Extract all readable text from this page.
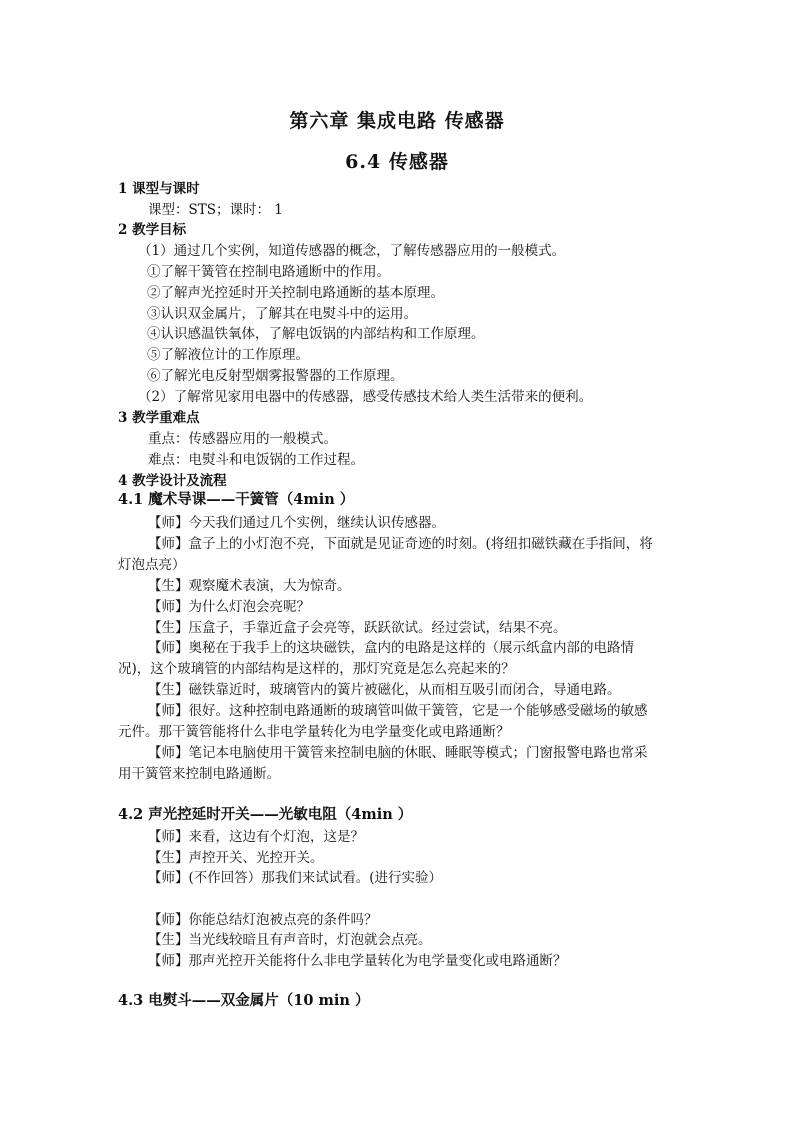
第六章 集成电路 传感器
6.4 传感器
1 课型与课时
课型：STS；课时： 1
2 教学目标
（1）通过几个实例，知道传感器的概念，了解传感器应用的一般模式。
①了解干簧管在控制电路通断中的作用。
②了解声光控延时开关控制电路通断的基本原理。
③认识双金属片，了解其在电熨斗中的运用。
④认识感温铁氧体，了解电饭锅的内部结构和工作原理。
⑤了解液位计的工作原理。
⑥了解光电反射型烟雾报警器的工作原理。
（2）了解常见家用电器中的传感器，感受传感技术给人类生活带来的便利。
3 教学重难点
重点：传感器应用的一般模式。
难点：电熨斗和电饭锅的工作过程。
4 教学设计及流程
4.1 魔术导课——干簧管（4min ）
【师】今天我们通过几个实例，继续认识传感器。
【师】盒子上的小灯泡不亮，下面就是见证奇迹的时刻。(将纽扣磁铁藏在手指间，将
灯泡点亮）
【生】观察魔术表演，大为惊奇。
【师】为什么灯泡会亮呢？
【生】压盒子，手靠近盒子会亮等，跃跃欲试。经过尝试，结果不亮。
【师】奥秘在于我手上的这块磁铁，盒内的电路是这样的（展示纸盒内部的电路情
况)，这个玻璃管的内部结构是这样的，那灯究竟是怎么亮起来的？
【生】磁铁靠近时，玻璃管内的簧片被磁化，从而相互吸引而闭合，导通电路。
【师】很好。这种控制电路通断的玻璃管叫做干簧管，它是一个能够感受磁场的敏感
元件。那干簧管能将什么非电学量转化为电学量变化或电路通断？
【师】笔记本电脑使用干簧管来控制电脑的休眠、睡眠等模式；门窗报警电路也常采
用干簧管来控制电路通断。
4.2 声光控延时开关——光敏电阻（4min ）
【师】来看，这边有个灯泡，这是？
【生】声控开关、光控开关。
【师】(不作回答）那我们来试试看。(进行实验）
【师】你能总结灯泡被点亮的条件吗？
【生】当光线较暗且有声音时，灯泡就会点亮。
【师】那声光控开关能将什么非电学量转化为电学量变化或电路通断？
4.3 电熨斗——双金属片（10 min ）
